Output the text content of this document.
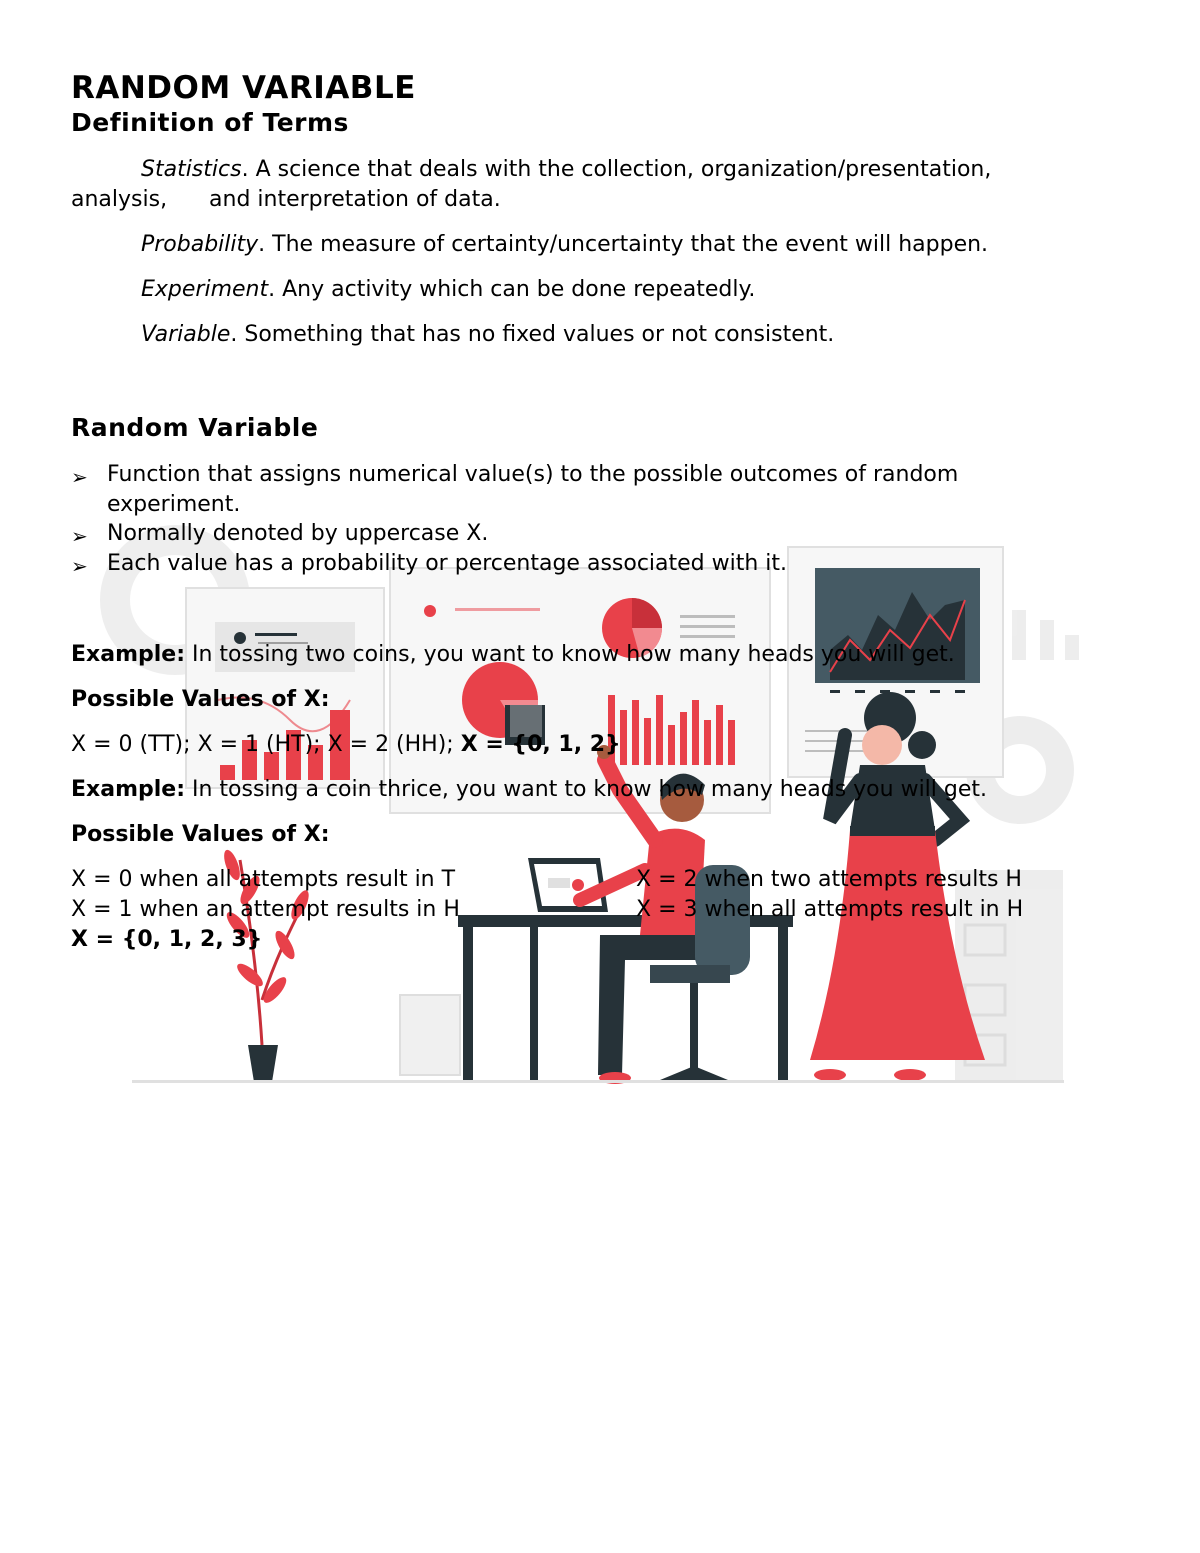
RANDOM VARIABLE
Definition of Terms
Statistics. A science that deals with the collection, organization/presentation,
analysis,      and interpretation of data.
Probability. The measure of certainty/uncertainty that the event will happen.
Experiment. Any activity which can be done repeatedly.
Variable. Something that has no fixed values or not consistent.
Random Variable
➢ Function that assigns numerical value(s) to the possible outcomes of random
experiment.
➢ Normally denoted by uppercase X.
➢ Each value has a probability or percentage associated with it.
Example: In tossing two coins, you want to know how many heads you will get.
Possible Values of X:
X = 0 (TT); X = 1 (HT); X = 2 (HH); X = {0, 1, 2}
Example: In tossing a coin thrice, you want to know how many heads you will get.
Possible Values of X:
X = 0 when all attempts result in T
X = 1 when an attempt results in H
X = 2 when two attempts results H
X = 3 when all attempts result in H
X = {0, 1, 2, 3}
